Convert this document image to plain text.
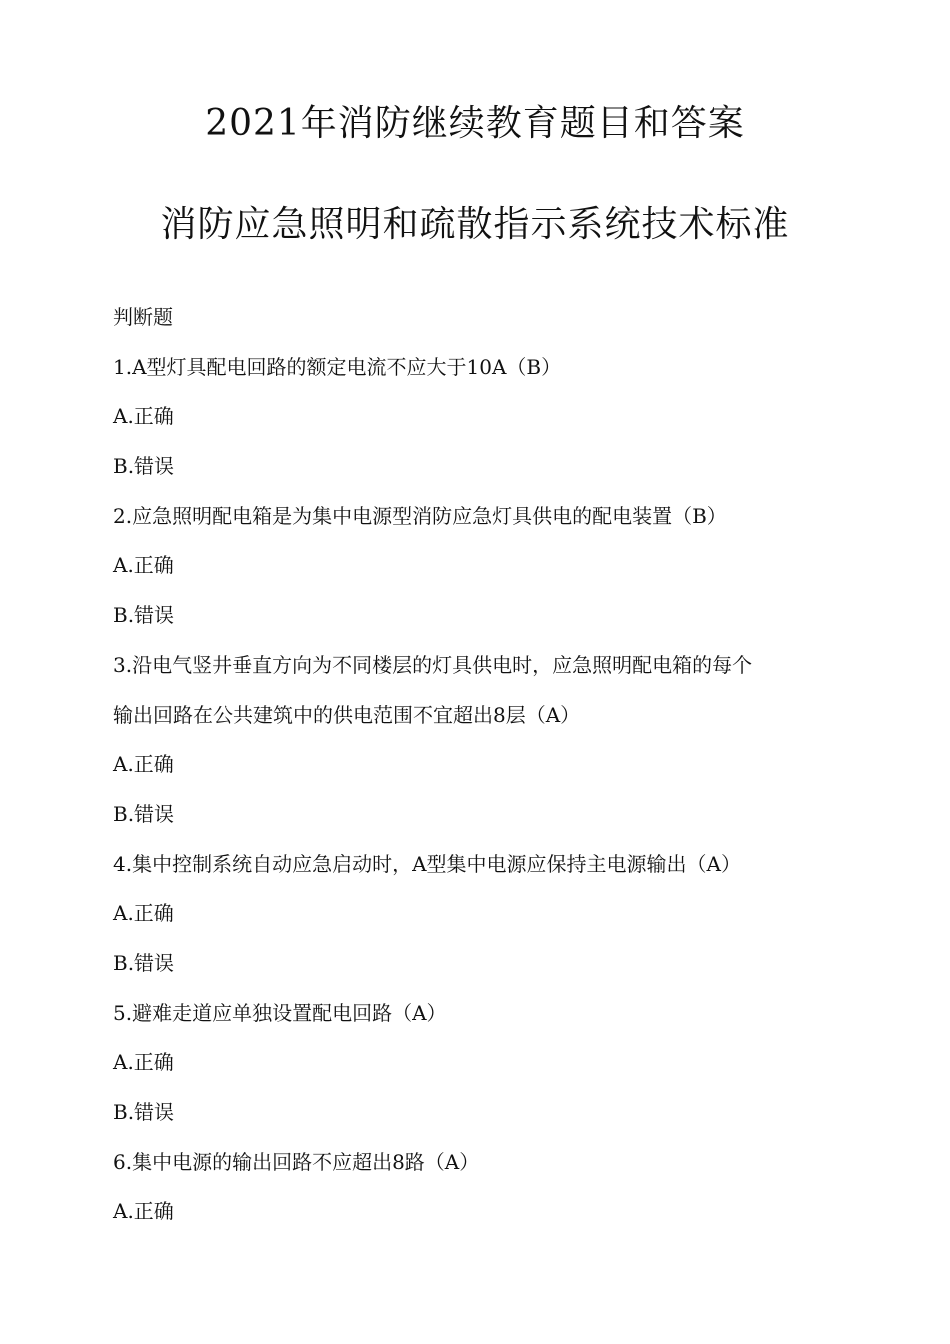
2021年消防继续教育题目和答案
消防应急照明和疏散指示系统技术标准
判断题
1.A型灯具配电回路的额定电流不应大于10A（B）
A.正确
B.错误
2.应急照明配电箱是为集中电源型消防应急灯具供电的配电装置（B）
A.正确
B.错误
3.沿电气竖井垂直方向为不同楼层的灯具供电时，应急照明配电箱的每个
输出回路在公共建筑中的供电范围不宜超出8层（A）
A.正确
B.错误
4.集中控制系统自动应急启动时，A型集中电源应保持主电源输出（A）
A.正确
B.错误
5.避难走道应单独设置配电回路（A）
A.正确
B.错误
6.集中电源的输出回路不应超出8路（A）
A.正确
